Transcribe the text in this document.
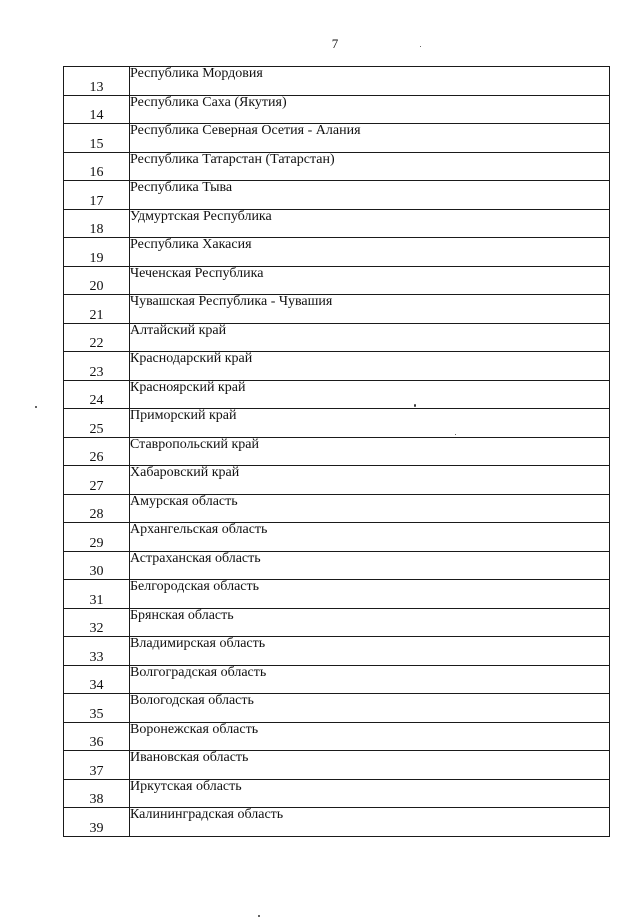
7
13	Республика Мордовия
14	Республика Саха (Якутия)
15	Республика Северная Осетия - Алания
16	Республика Татарстан (Татарстан)
17	Республика Тыва
18	Удмуртская Республика
19	Республика Хакасия
20	Чеченская Республика
21	Чувашская Республика - Чувашия
22	Алтайский край
23	Краснодарский край
24	Красноярский край
25	Приморский край
26	Ставропольский край
27	Хабаровский край
28	Амурская область
29	Архангельская область
30	Астраханская область
31	Белгородская область
32	Брянская область
33	Владимирская область
34	Волгоградская область
35	Вологодская область
36	Воронежская область
37	Ивановская область
38	Иркутская область
39	Калининградская область
